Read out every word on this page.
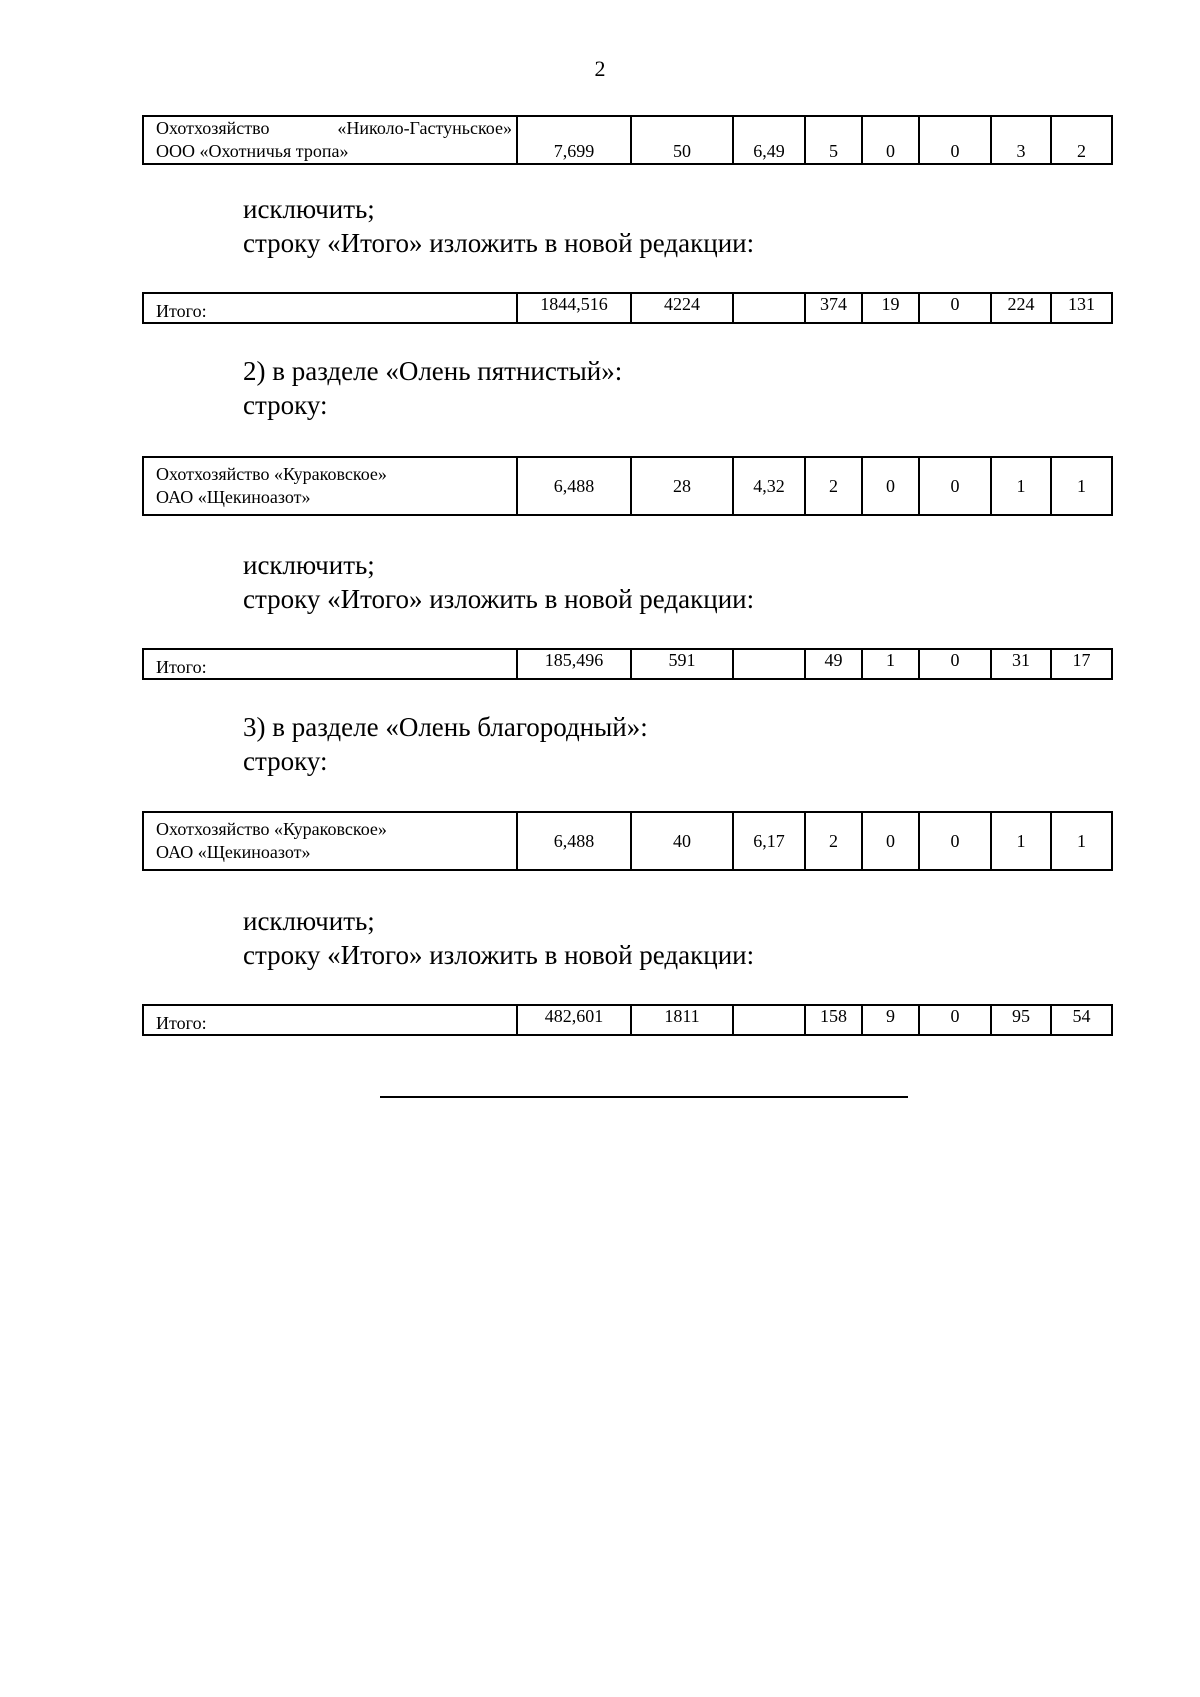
2
Охотхозяйство «Николо-Гастуньское»
ООО «Охотничья тропа»	7,699	50	6,49	5	0	0	3	2
исключить;
строку «Итого» изложить в новой редакции:
Итого:	1844,516	4224		374	19	0	224	131
2) в разделе «Олень пятнистый»:
строку:
Охотхозяйство «Кураковское»
ОАО «Щекиноазот»
	6,488	28	4,32	2	0	0	1	1
исключить;
строку «Итого» изложить в новой редакции:
Итого:	185,496	591		49	1	0	31	17
3) в разделе «Олень благородный»:
строку:
Охотхозяйство «Кураковское»
ОАО «Щекиноазот»
	6,488	40	6,17	2	0	0	1	1
исключить;
строку «Итого» изложить в новой редакции:
Итого:	482,601	1811		158	9	0	95	54
